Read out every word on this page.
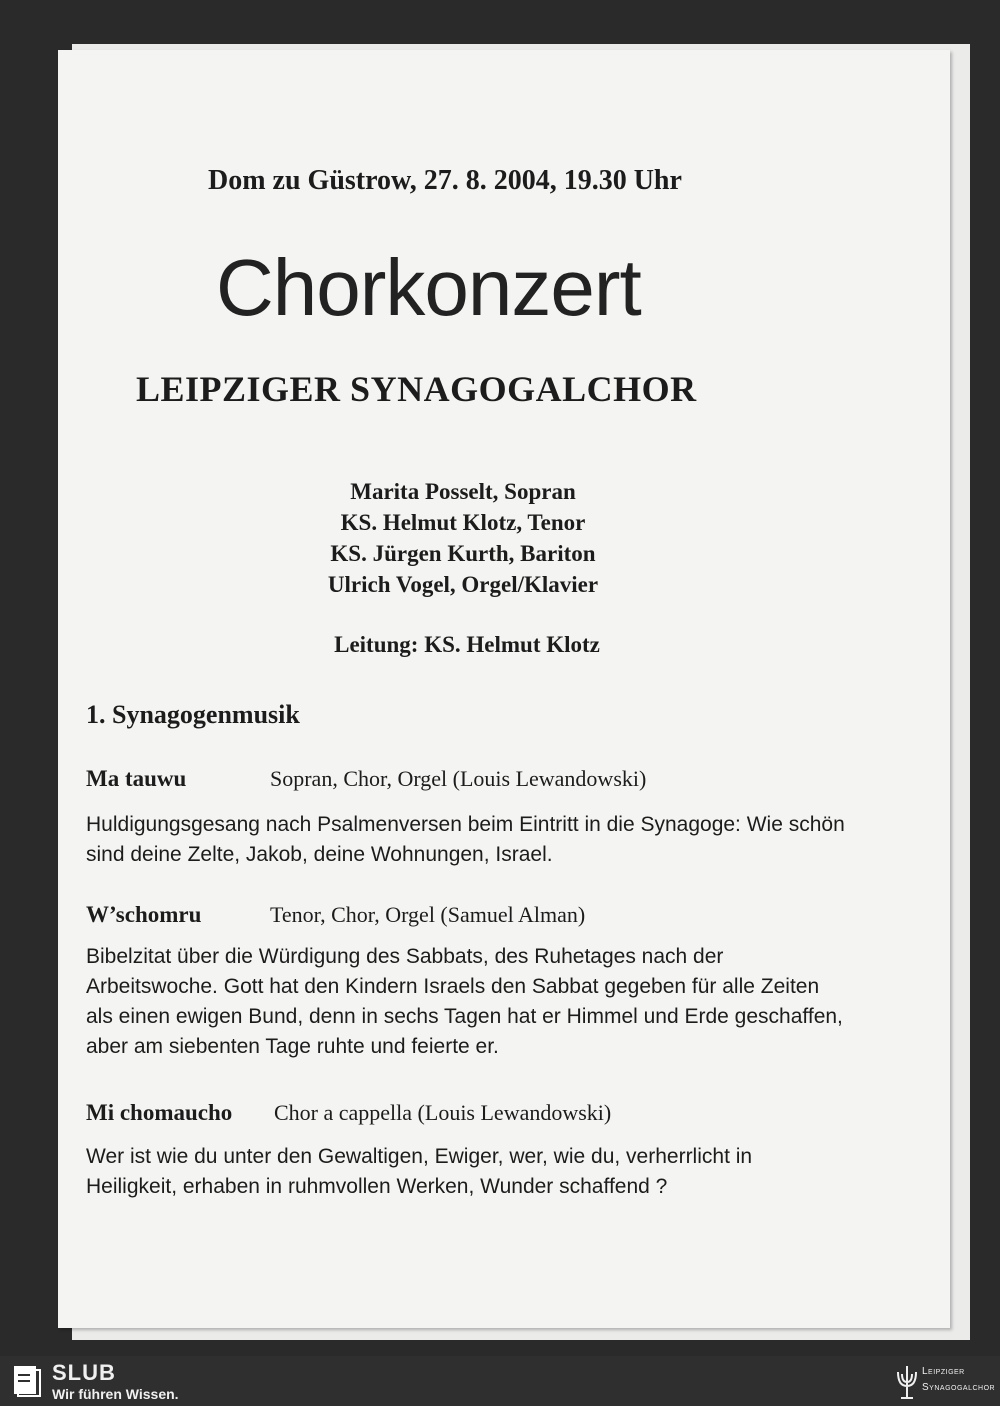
Dom zu Güstrow, 27. 8. 2004, 19.30 Uhr
Chorkonzert
LEIPZIGER SYNAGOGALCHOR
Marita Posselt, Sopran
KS. Helmut Klotz, Tenor
KS. Jürgen Kurth, Bariton
Ulrich Vogel, Orgel/Klavier
Leitung: KS. Helmut Klotz
1. Synagogenmusik
Ma tauwu	Sopran, Chor, Orgel (Louis Lewandowski)
Huldigungsgesang nach Psalmenversen beim Eintritt in die Synagoge: Wie schön sind deine Zelte, Jakob, deine Wohnungen, Israel.
W’schomru	Tenor, Chor, Orgel (Samuel Alman)
Bibelzitat über die Würdigung des Sabbats, des Ruhetages nach der Arbeitswoche. Gott hat den Kindern Israels den Sabbat gegeben für alle Zeiten als einen ewigen Bund, denn in sechs Tagen hat er Himmel und Erde geschaffen, aber am siebenten Tage ruhte und feierte er.
Mi chomaucho Chor a cappella (Louis Lewandowski)
Wer ist wie du unter den Gewaltigen, Ewiger, wer, wie du, verherrlicht in Heiligkeit, erhaben in ruhmvollen Werken, Wunder schaffend ?
SLUB
Wir führen Wissen.
Leipziger
Synagogalchor
